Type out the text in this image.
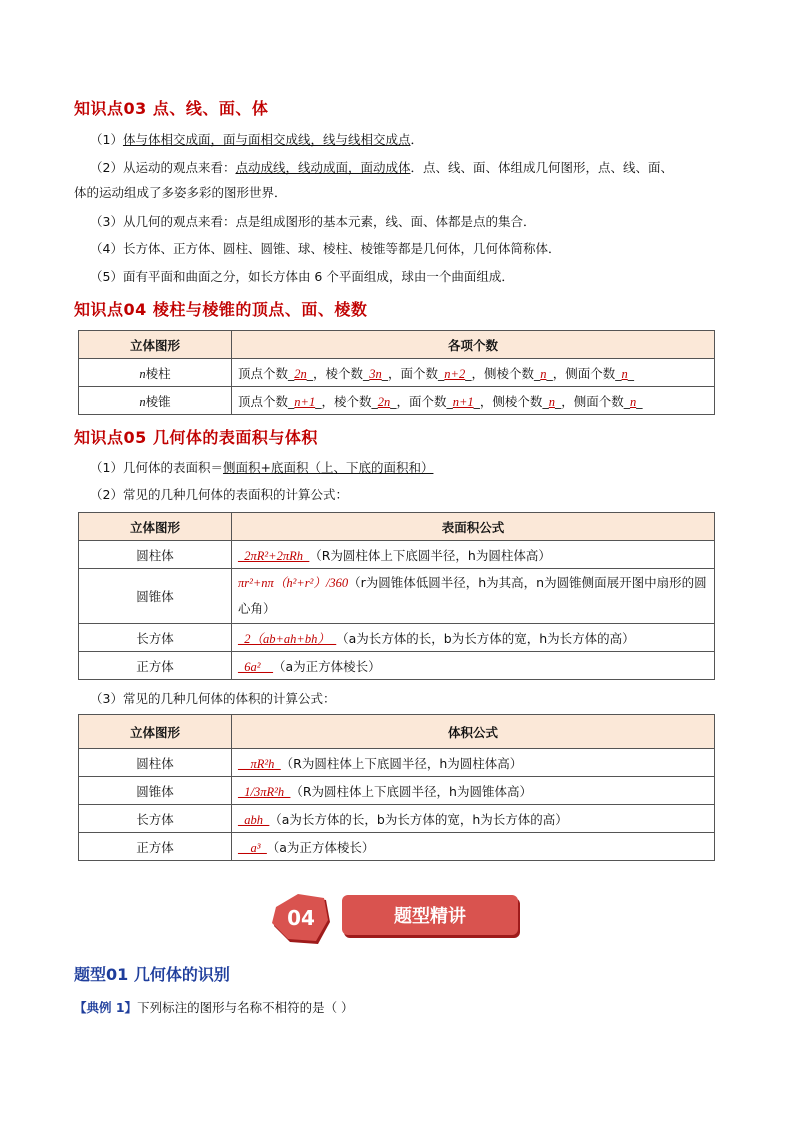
知识点03 点、线、面、体
（1）体与体相交成面，面与面相交成线，线与线相交成点．
（2）从运动的观点来看：点动成线，线动成面，面动成体．点、线、面、体组成几何图形，点、线、面、
体的运动组成了多姿多彩的图形世界．
（3）从几何的观点来看：点是组成图形的基本元素，线、面、体都是点的集合．
（4）长方体、正方体、圆柱、圆锥、球、棱柱、棱锥等都是几何体，几何体简称体．
（5）面有平面和曲面之分，如长方体由 6 个平面组成，球由一个曲面组成．
知识点04 棱柱与棱锥的顶点、面、棱数
立体图形	各项个数
n棱柱	顶点个数_2n_，棱个数_3n_，面个数_n+2_，侧棱个数_n_，侧面个数_n_
n棱锥	顶点个数_n+1_，棱个数_2n_，面个数_n+1_，侧棱个数_n_，侧面个数_n_
知识点05 几何体的表面积与体积
（1）几何体的表面积＝侧面积+底面积（上、下底的面积和）
（2）常见的几种几何体的表面积的计算公式：
立体图形	表面积公式
圆柱体	_2πR²+2πRh_（R为圆柱体上下底圆半径，h为圆柱体高）
圆锥体	πr²+nπ（h²+r²）/360（r为圆锥体低圆半径，h为其高，n为圆锥侧面展开图中扇形的圆心角）
长方体	_2（ab+ah+bh）_（a为长方体的长，b为长方体的宽，h为长方体的高）
正方体	_6a²__（a为正方体棱长）
（3）常见的几种几何体的体积的计算公式：
立体图形	体积公式
圆柱体	__πR²h_（R为圆柱体上下底圆半径，h为圆柱体高）
圆锥体	_1/3πR²h_（R为圆柱体上下底圆半径，h为圆锥体高）
长方体	_abh_（a为长方体的长，b为长方体的宽，h为长方体的高）
正方体	__a³_（a为正方体棱长）
04	题型精讲
题型01 几何体的识别
【典例 1】下列标注的图形与名称不相符的是（ ）
